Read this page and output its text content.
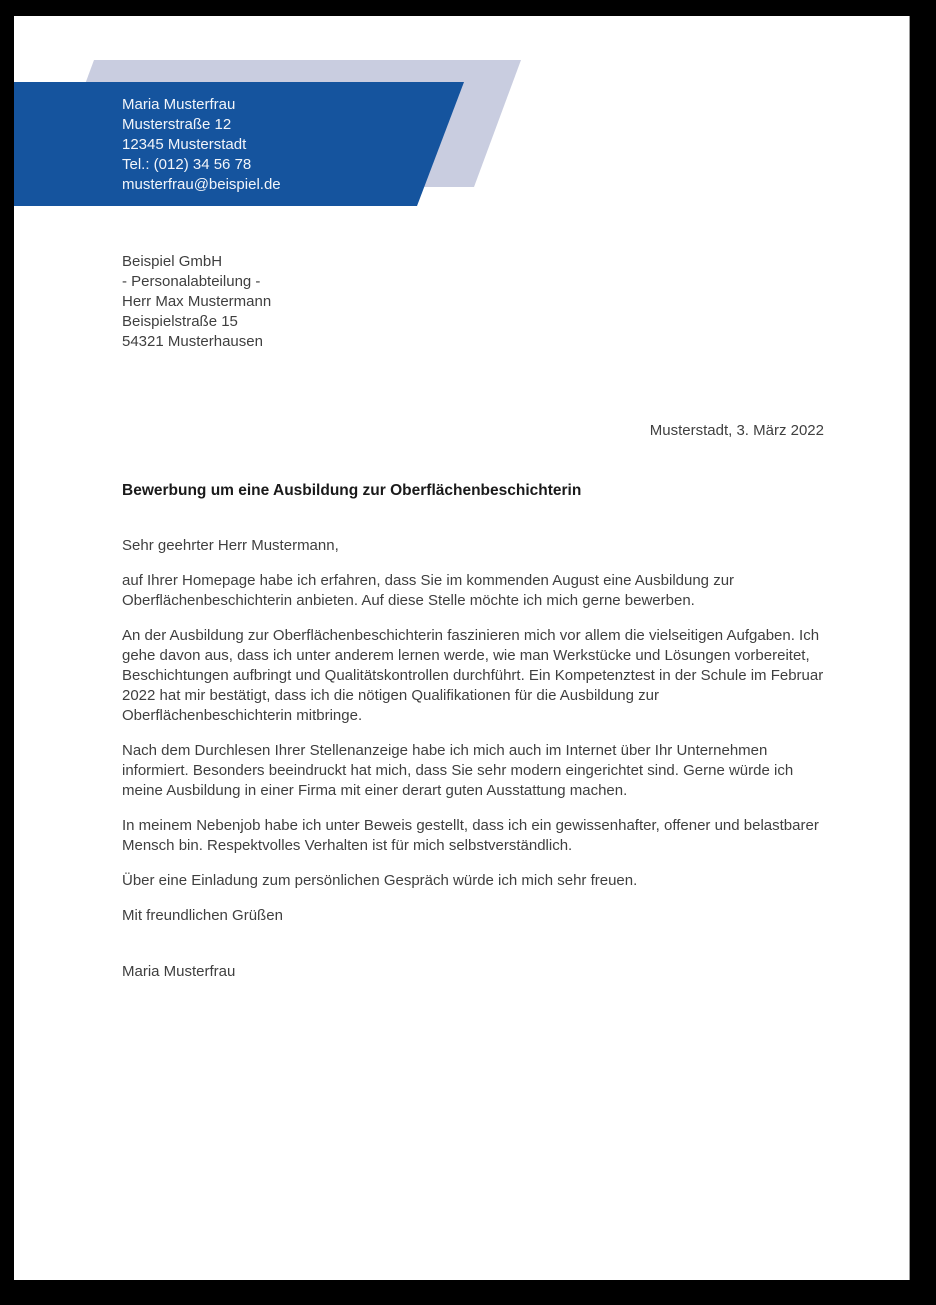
Maria Musterfrau
Musterstraße 12
12345 Musterstadt
Tel.: (012) 34 56 78
musterfrau@beispiel.de
Beispiel GmbH
- Personalabteilung -
Herr Max Mustermann
Beispielstraße 15
54321 Musterhausen
Musterstadt, 3. März 2022
Bewerbung um eine Ausbildung zur Oberflächenbeschichterin
Sehr geehrter Herr Mustermann,

auf Ihrer Homepage habe ich erfahren, dass Sie im kommenden August eine Ausbildung zur Oberflächenbeschichterin anbieten. Auf diese Stelle möchte ich mich gerne bewerben.

An der Ausbildung zur Oberflächenbeschichterin faszinieren mich vor allem die vielseitigen Aufgaben. Ich gehe davon aus, dass ich unter anderem lernen werde, wie man Werkstücke und Lösungen vorbereitet, Beschichtungen aufbringt und Qualitätskontrollen durchführt. Ein Kompetenztest in der Schule im Februar 2022 hat mir bestätigt, dass ich die nötigen Qualifikationen für die Ausbildung zur Oberflächenbeschichterin mitbringe.

Nach dem Durchlesen Ihrer Stellenanzeige habe ich mich auch im Internet über Ihr Unternehmen informiert. Besonders beeindruckt hat mich, dass Sie sehr modern eingerichtet sind. Gerne würde ich meine Ausbildung in einer Firma mit einer derart guten Ausstattung machen.

In meinem Nebenjob habe ich unter Beweis gestellt, dass ich ein gewissenhafter, offener und belastbarer Mensch bin. Respektvolles Verhalten ist für mich selbstverständlich.

Über eine Einladung zum persönlichen Gespräch würde ich mich sehr freuen.

Mit freundlichen Grüßen
Maria Musterfrau
